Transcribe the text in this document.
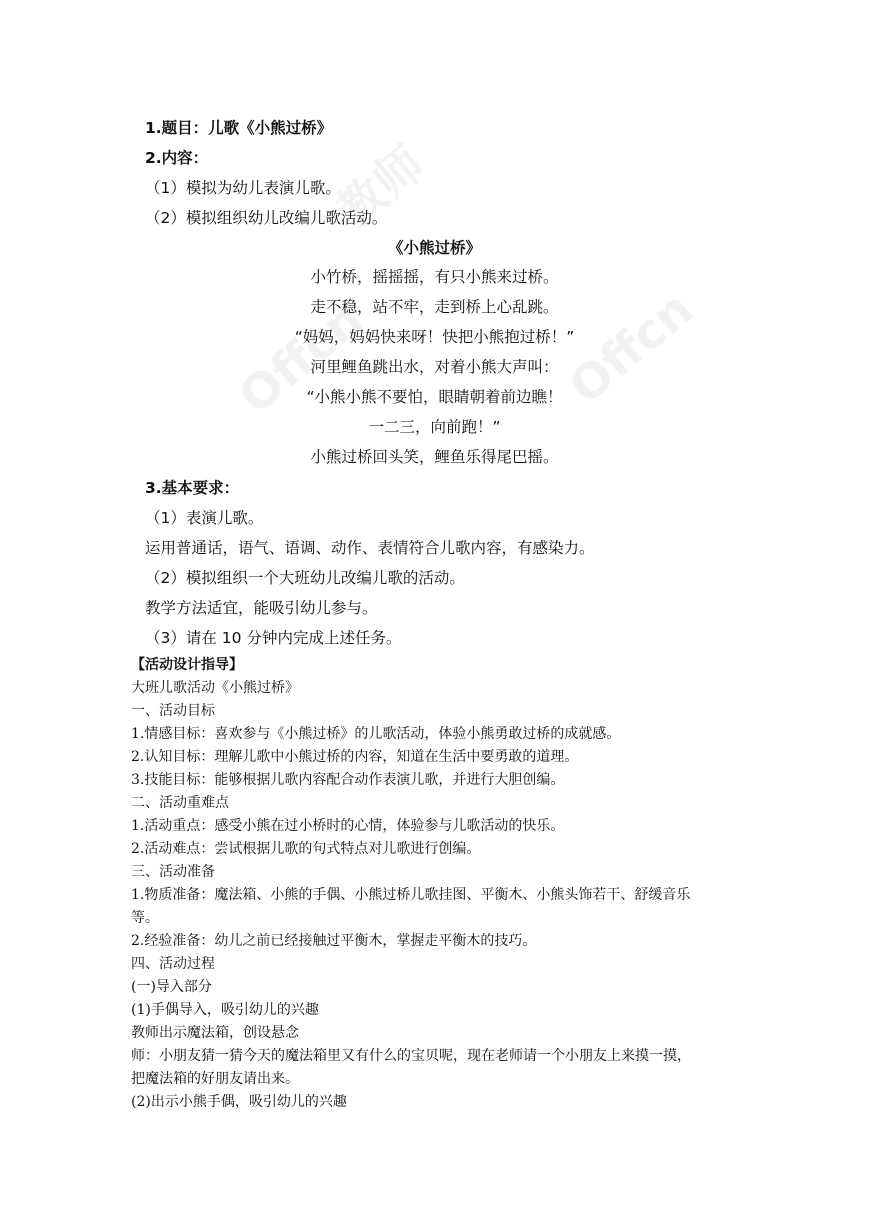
教师
Offcn
Offcn
1.题目：儿歌《小熊过桥》
2.内容：
（1）模拟为幼儿表演儿歌。
（2）模拟组织幼儿改编儿歌活动。
《小熊过桥》
小竹桥，摇摇摇，有只小熊来过桥。
走不稳，站不牢，走到桥上心乱跳。
“妈妈，妈妈快来呀！快把小熊抱过桥！”
河里鲤鱼跳出水，对着小熊大声叫：
“小熊小熊不要怕，眼睛朝着前边瞧！
一二三，向前跑！”
小熊过桥回头笑，鲤鱼乐得尾巴摇。
3.基本要求：
（1）表演儿歌。
运用普通话，语气、语调、动作、表情符合儿歌内容，有感染力。
（2）模拟组织一个大班幼儿改编儿歌的活动。
教学方法适宜，能吸引幼儿参与。
（3）请在 10 分钟内完成上述任务。
【活动设计指导】
大班儿歌活动《小熊过桥》
一、活动目标
1.情感目标：喜欢参与《小熊过桥》的儿歌活动，体验小熊勇敢过桥的成就感。
2.认知目标：理解儿歌中小熊过桥的内容，知道在生活中要勇敢的道理。
3.技能目标：能够根据儿歌内容配合动作表演儿歌，并进行大胆创编。
二、活动重难点
1.活动重点：感受小熊在过小桥时的心情，体验参与儿歌活动的快乐。
2.活动难点：尝试根据儿歌的句式特点对儿歌进行创编。
三、活动准备
1.物质准备：魔法箱、小熊的手偶、小熊过桥儿歌挂图、平衡木、小熊头饰若干、舒缓音乐
等。
2.经验准备：幼儿之前已经接触过平衡木，掌握走平衡木的技巧。
四、活动过程
(一)导入部分
(1)手偶导入，吸引幼儿的兴趣
教师出示魔法箱，创设悬念
师：小朋友猜一猜今天的魔法箱里又有什么的宝贝呢，现在老师请一个小朋友上来摸一摸，
把魔法箱的好朋友请出来。
(2)出示小熊手偶，吸引幼儿的兴趣
